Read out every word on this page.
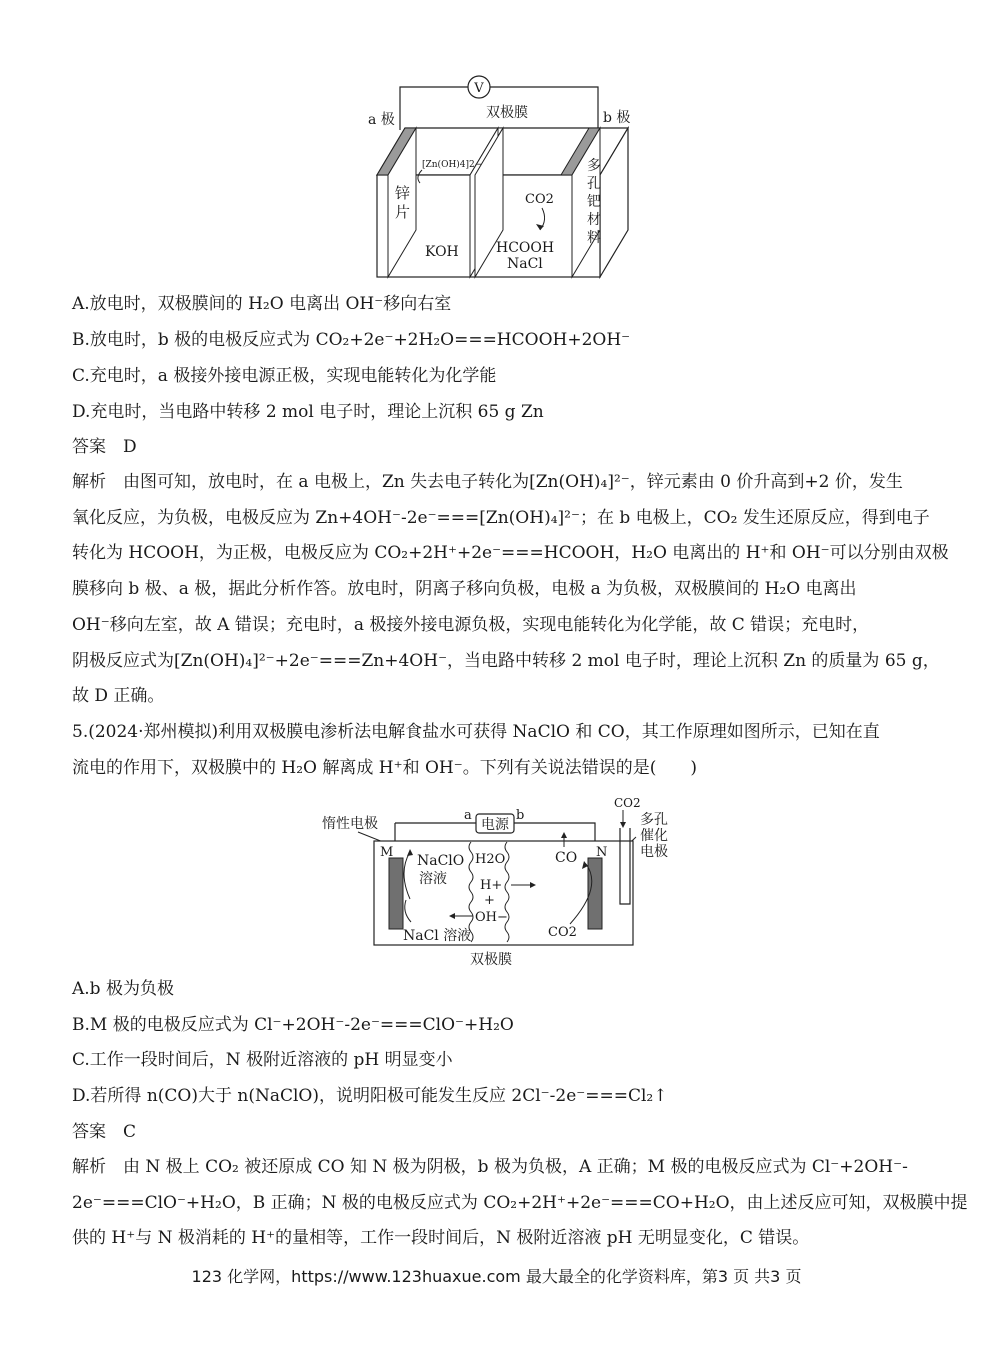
V
a 极	b 极
双极膜
锌
片
多
孔
钯
材
料
[Zn(OH)4]2−
KOH
CO2
HCOOH
NaCl
A.放电时，双极膜间的 H₂O 电离出 OH⁻移向右室
B.放电时，b 极的电极反应式为 CO₂+2e⁻+2H₂O===HCOOH+2OH⁻
C.充电时，a 极接外接电源正极，实现电能转化为化学能
D.充电时，当电路中转移 2 mol 电子时，理论上沉积 65 g Zn
答案　D
解析　由图可知，放电时，在 a 电极上，Zn 失去电子转化为[Zn(OH)₄]²⁻，锌元素由 0 价升高到+2 价，发生
氧化反应，为负极，电极反应为 Zn+4OH⁻-2e⁻===[Zn(OH)₄]²⁻；在 b 电极上，CO₂ 发生还原反应，得到电子
转化为 HCOOH，为正极，电极反应为 CO₂+2H⁺+2e⁻===HCOOH，H₂O 电离出的 H⁺和 OH⁻可以分别由双极
膜移向 b 极、a 极，据此分析作答。放电时，阴离子移向负极，电极 a 为负极，双极膜间的 H₂O 电离出
OH⁻移向左室，故 A 错误；充电时，a 极接外接电源负极，实现电能转化为化学能，故 C 错误；充电时，
阴极反应式为[Zn(OH)₄]²⁻+2e⁻===Zn+4OH⁻，当电路中转移 2 mol 电子时，理论上沉积 Zn 的质量为 65 g，
故 D 正确。
5.(2024·郑州模拟)利用双极膜电渗析法电解食盐水可获得 NaClO 和 CO，其工作原理如图所示，已知在直
流电的作用下，双极膜中的 H₂O 解离成 H⁺和 OH⁻。下列有关说法错误的是(　　)
电源
a	b
惰性电极
CO2
多孔
催化
电极
M	N
NaClO
溶液
H2O	CO
H+
+
OH−
CO2
NaCl 溶液
双极膜
A.b 极为负极
B.M 极的电极反应式为 Cl⁻+2OH⁻-2e⁻===ClO⁻+H₂O
C.工作一段时间后，N 极附近溶液的 pH 明显变小
D.若所得 n(CO)大于 n(NaClO)，说明阳极可能发生反应 2Cl⁻-2e⁻===Cl₂↑
答案　C
解析　由 N 极上 CO₂ 被还原成 CO 知 N 极为阴极，b 极为负极，A 正确；M 极的电极反应式为 Cl⁻+2OH⁻-
2e⁻===ClO⁻+H₂O，B 正确；N 极的电极反应式为 CO₂+2H⁺+2e⁻===CO+H₂O，由上述反应可知，双极膜中提
供的 H⁺与 N 极消耗的 H⁺的量相等，工作一段时间后，N 极附近溶液 pH 无明显变化，C 错误。
123 化学网，https://www.123huaxue.com 最大最全的化学资料库，第3 页 共3 页
